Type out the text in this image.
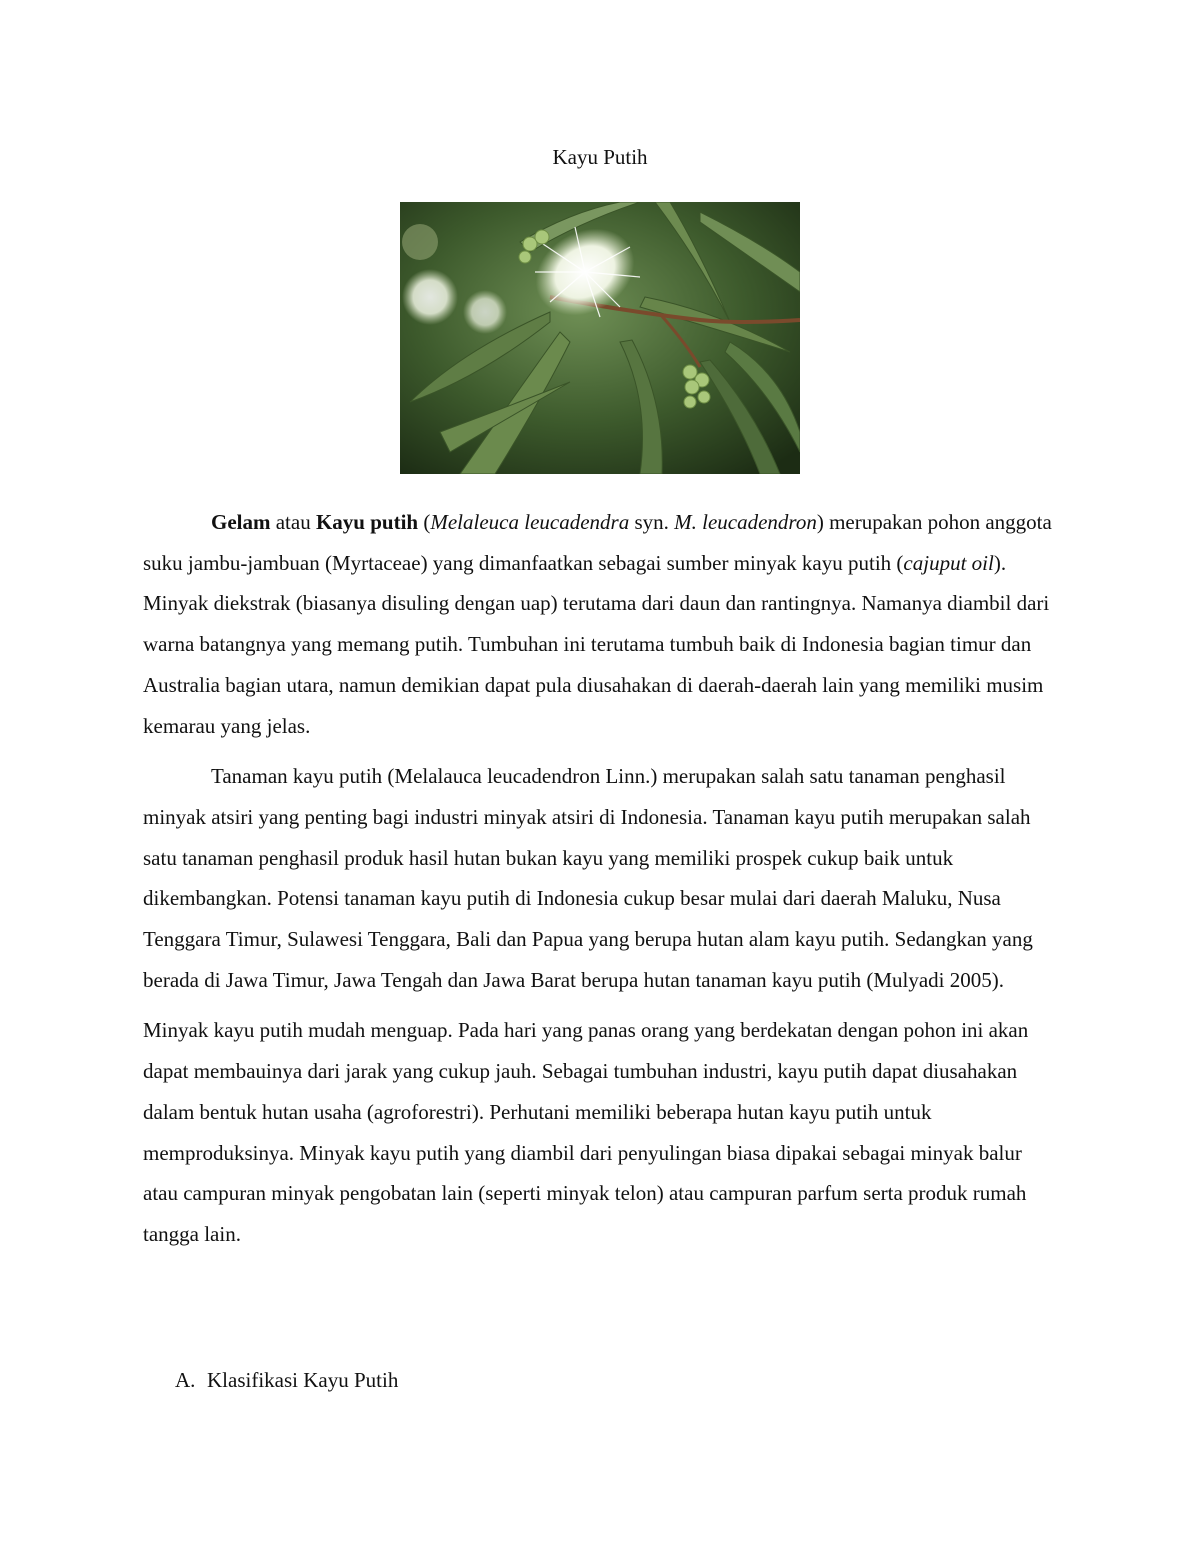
Kayu Putih

Gelam atau Kayu putih (Melaleuca leucadendra syn. M. leucadendron) merupakan pohon anggota suku jambu-jambuan (Myrtaceae) yang dimanfaatkan sebagai sumber minyak kayu putih (cajuput oil). Minyak diekstrak (biasanya disuling dengan uap) terutama dari daun dan rantingnya. Namanya diambil dari warna batangnya yang memang putih. Tumbuhan ini terutama tumbuh baik di Indonesia bagian timur dan Australia bagian utara, namun demikian dapat pula diusahakan di daerah-daerah lain yang memiliki musim kemarau yang jelas.

Tanaman kayu putih (Melalauca leucadendron Linn.) merupakan salah satu tanaman penghasil minyak atsiri yang penting bagi industri minyak atsiri di Indonesia. Tanaman kayu putih merupakan salah satu tanaman penghasil produk hasil hutan bukan kayu yang memiliki prospek cukup baik untuk dikembangkan. Potensi tanaman kayu putih di Indonesia cukup besar mulai dari daerah Maluku, Nusa Tenggara Timur, Sulawesi Tenggara, Bali dan Papua yang berupa hutan alam kayu putih. Sedangkan yang berada di Jawa Timur, Jawa Tengah dan Jawa Barat berupa hutan tanaman kayu putih (Mulyadi 2005).

Minyak kayu putih mudah menguap. Pada hari yang panas orang yang berdekatan dengan pohon ini akan dapat membauinya dari jarak yang cukup jauh. Sebagai tumbuhan industri, kayu putih dapat diusahakan dalam bentuk hutan usaha (agroforestri). Perhutani memiliki beberapa hutan kayu putih untuk memproduksinya. Minyak kayu putih yang diambil dari penyulingan biasa dipakai sebagai minyak balur atau campuran minyak pengobatan lain (seperti minyak telon) atau campuran parfum serta produk rumah tangga lain.

A. Klasifikasi Kayu Putih
